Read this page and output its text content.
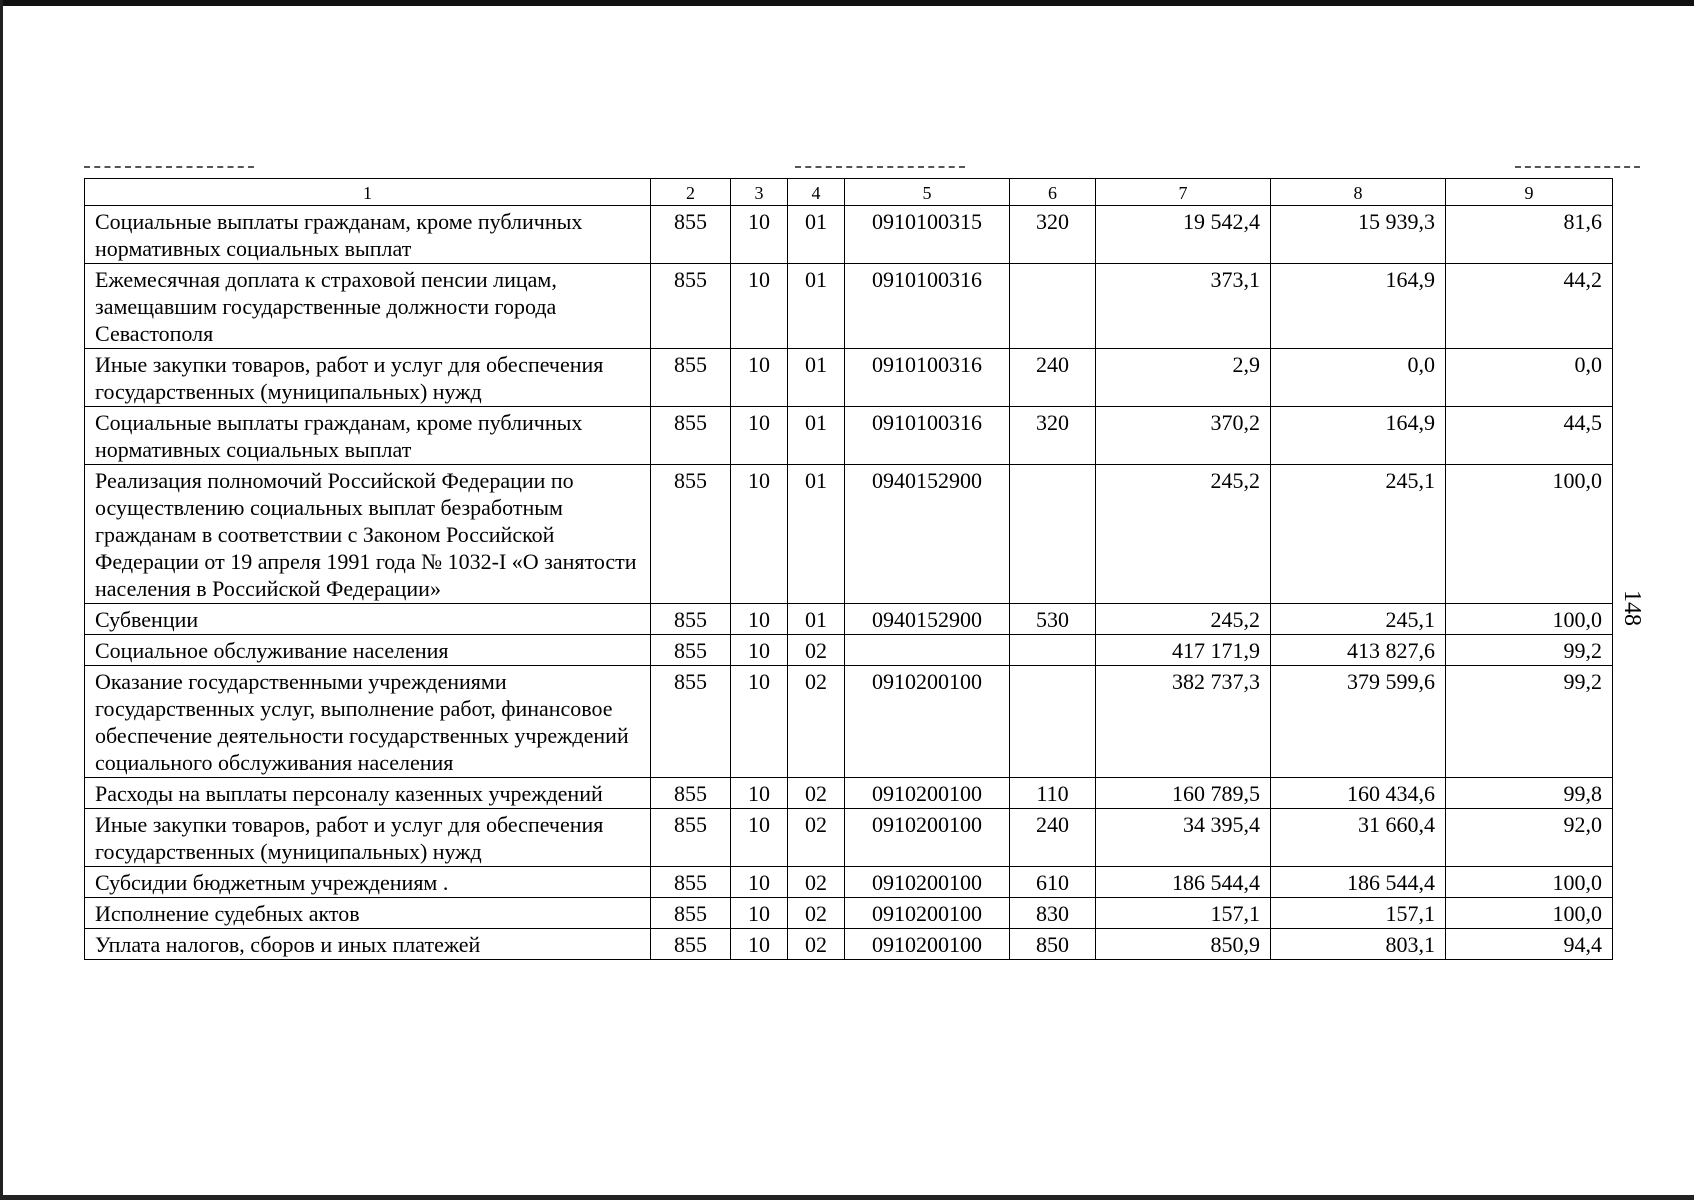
1	2	3	4	5	6	7	8	9
Социальные выплаты гражданам, кроме публичных нормативных социальных выплат	855	10	01	0910100315	320	19 542,4	15 939,3	81,6
Ежемесячная доплата к страховой пенсии лицам, замещавшим государственные должности города Севастополя	855	10	01	0910100316		373,1	164,9	44,2
Иные закупки товаров, работ и услуг для обеспечения государственных (муниципальных) нужд	855	10	01	0910100316	240	2,9	0,0	0,0
Социальные выплаты гражданам, кроме публичных нормативных социальных выплат	855	10	01	0910100316	320	370,2	164,9	44,5
Реализация полномочий Российской Федерации по осуществлению социальных выплат безработным гражданам в соответствии с Законом Российской Федерации от 19 апреля 1991 года № 1032-I «О занятости населения в Российской Федерации»	855	10	01	0940152900		245,2	245,1	100,0
Субвенции	855	10	01	0940152900	530	245,2	245,1	100,0
Социальное обслуживание населения	855	10	02			417 171,9	413 827,6	99,2
Оказание государственными учреждениями государственных услуг, выполнение работ, финансовое обеспечение деятельности государственных учреждений социального обслуживания населения	855	10	02	0910200100		382 737,3	379 599,6	99,2
Расходы на выплаты персоналу казенных учреждений	855	10	02	0910200100	110	160 789,5	160 434,6	99,8
Иные закупки товаров, работ и услуг для обеспечения государственных (муниципальных) нужд	855	10	02	0910200100	240	34 395,4	31 660,4	92,0
Субсидии бюджетным учреждениям .	855	10	02	0910200100	610	186 544,4	186 544,4	100,0
Исполнение судебных актов	855	10	02	0910200100	830	157,1	157,1	100,0
Уплата налогов, сборов и иных платежей	855	10	02	0910200100	850	850,9	803,1	94,4
148
